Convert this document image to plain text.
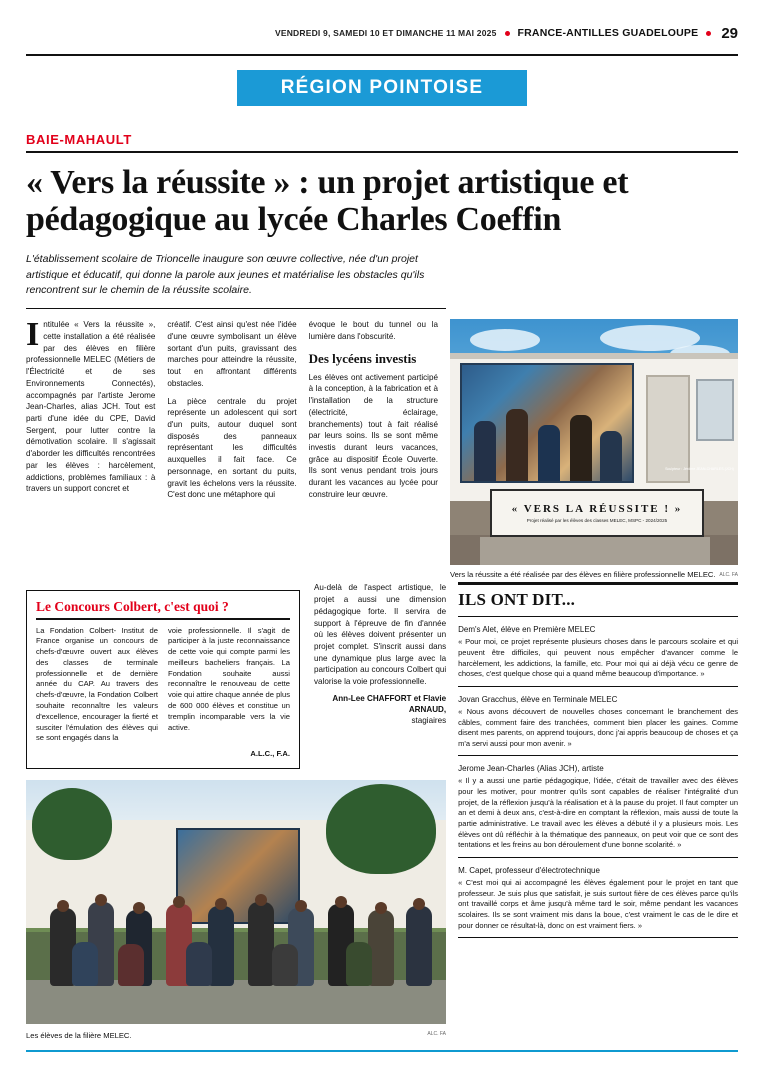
VENDREDI 9, SAMEDI 10 ET DIMANCHE 11 MAI 2025 FRANCE-ANTILLES GUADELOUPE 29
RÉGION POINTOISE
BAIE-MAHAULT
« Vers la réussite » : un projet artistique et pédagogique au lycée Charles Coeffin
L'établissement scolaire de Trioncelle inaugure son œuvre collective, née d'un projet artistique et éducatif, qui donne la parole aux jeunes et matérialise les obstacles qu'ils rencontrent sur le chemin de la réussite scolaire.

Intitulée « Vers la réussite », cette installation a été réalisée par des élèves en filière professionnelle MELEC (Métiers de l'Électricité et de ses Environnements Connectés), accompagnés par l'artiste Jerome Jean-Charles, alias JCH. Tout est parti d'une idée du CPE, David Sergent, pour lutter contre la démotivation scolaire. Il s'agissait d'aborder les difficultés rencontrées par les élèves : harcèlement, addictions, problèmes familiaux : à travers un support concret et

créatif. C'est ainsi qu'est née l'idée d'une œuvre symbolisant un élève sortant d'un puits, gravissant des marches pour atteindre la réussite, tout en affrontant différents obstacles.

La pièce centrale du projet représente un adolescent qui sort d'un puits, autour duquel sont disposés des panneaux représentant les difficultés auxquelles il fait face. Ce personnage, en sortant du puits, gravit les échelons vers la réussite. C'est donc une métaphore qui

évoque le bout du tunnel ou la lumière dans l'obscurité.

Des lycéens investis

Les élèves ont activement participé à la conception, à la fabrication et à l'installation de la structure (électricité, éclairage, branchements) tout à fait réalisé par leurs soins. Ils se sont même investis durant leurs vacances, grâce au dispositif École Ouverte. Ils sont venus pendant trois jours durant les vacances au lycée pour construire leur œuvre.

« VERS LA RÉUSSITE ! »
Projet réalisé par les élèves des classes MELEC, MSPC - 2024/2025
Sculpteur : Jérôme JEAN-CHARLES (JCH)
Vers la réussite a été réalisée par des élèves en filière professionnelle MELEC. ALC. FA
Le Concours Colbert, c'est quoi ?

La Fondation Colbert- Institut de France organise un concours de chefs-d'œuvre ouvert aux élèves des classes de terminale professionnelle et de dernière année du CAP. Au travers des chefs-d'œuvre, la Fondation Colbert souhaite reconnaître les valeurs d'excellence, encourager la fierté et susciter l'émulation des élèves qui se sont engagés dans la

voie professionnelle. Il s'agit de participer à la juste reconnaissance de cette voie qui compte parmi les meilleurs bacheliers français. La Fondation souhaite aussi reconnaître le renouveau de cette voie qui attire chaque année de plus de 600 000 élèves et constitue un tremplin incomparable vers la vie active.

A.L.C., F.A.

Au-delà de l'aspect artistique, le projet a aussi une dimension pédagogique forte. Il servira de support à l'épreuve de fin d'année où les élèves doivent présenter un projet complet. S'inscrit aussi dans une dynamique plus large avec la participation au concours Colbert qui valorise la voie professionnelle.

Ann-Lee CHAFFORT et Flavie ARNAUD,
stagiaires
ILS ONT DIT...
Dem's Alet, élève en Première MELEC

« Pour moi, ce projet représente plusieurs choses dans le parcours scolaire et qui peuvent être difficiles, qui peuvent nous empêcher d'avancer comme le harcèlement, les addictions, la famille, etc. Pour moi qui ai déjà vécu ce genre de choses, c'est quelque chose qui a quand même beaucoup d'importance. »

Jovan Gracchus, élève en Terminale MELEC

« Nous avons découvert de nouvelles choses concernant le branchement des câbles, comment faire des tranchées, comment bien placer les gaines. Comme disent mes parents, on apprend toujours, donc j'ai appris beaucoup de choses et ça m'a servi aussi pour mon avenir. »

Jerome Jean-Charles (Alias JCH), artiste

« Il y a aussi une partie pédagogique, l'idée, c'était de travailler avec des élèves pour les motiver, pour montrer qu'ils sont capables de réaliser l'intégralité d'un projet, de la réflexion jusqu'à la réalisation et à la pause du projet. Il faut compter un an et demi à deux ans, c'est-à-dire en comptant la réflexion, mais aussi de toute la partie administrative. Le travail avec les élèves a débuté il y a plusieurs mois. Les élèves ont dû réfléchir à la thématique des panneaux, on peut voir que ce sont des tentations et les freins au bon déroulement d'une bonne scolarité. »

M. Capet, professeur d'électrotechnique

« C'est moi qui ai accompagné les élèves également pour le projet en tant que professeur. Je suis plus que satisfait, je suis surtout fière de ces élèves parce qu'ils ont travaillé corps et âme jusqu'à même tard le soir, même pendant les vacances scolaires. Ils se sont vraiment mis dans la boue, c'est vraiment le cas de le dire et pour donner ce résultat-là, donc on est vraiment fiers. »

Les élèves de la filière MELEC.	ALC. FA
